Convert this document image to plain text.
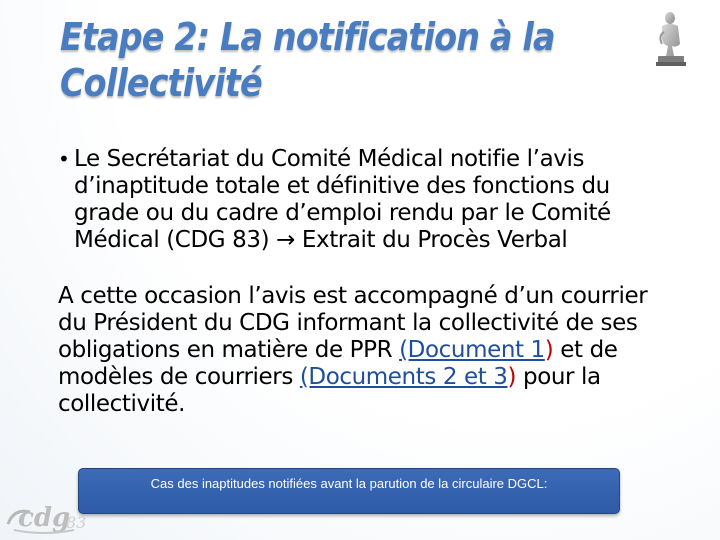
Etape 2: La notification à la
Collectivité
• Le Secrétariat du Comité Médical notifie l’avis d’inaptitude totale et définitive des fonctions du grade ou du cadre d’emploi rendu par le Comité Médical (CDG 83) → Extrait du Procès Verbal
A cette occasion l’avis est accompagné d’un courrier du Président du CDG informant la collectivité de ses obligations en matière de PPR (Document 1) et de modèles de courriers (Documents 2 et 3) pour la collectivité.
Cas des inaptitudes notifiées avant la parution de la circulaire DGCL:
cdg
83
